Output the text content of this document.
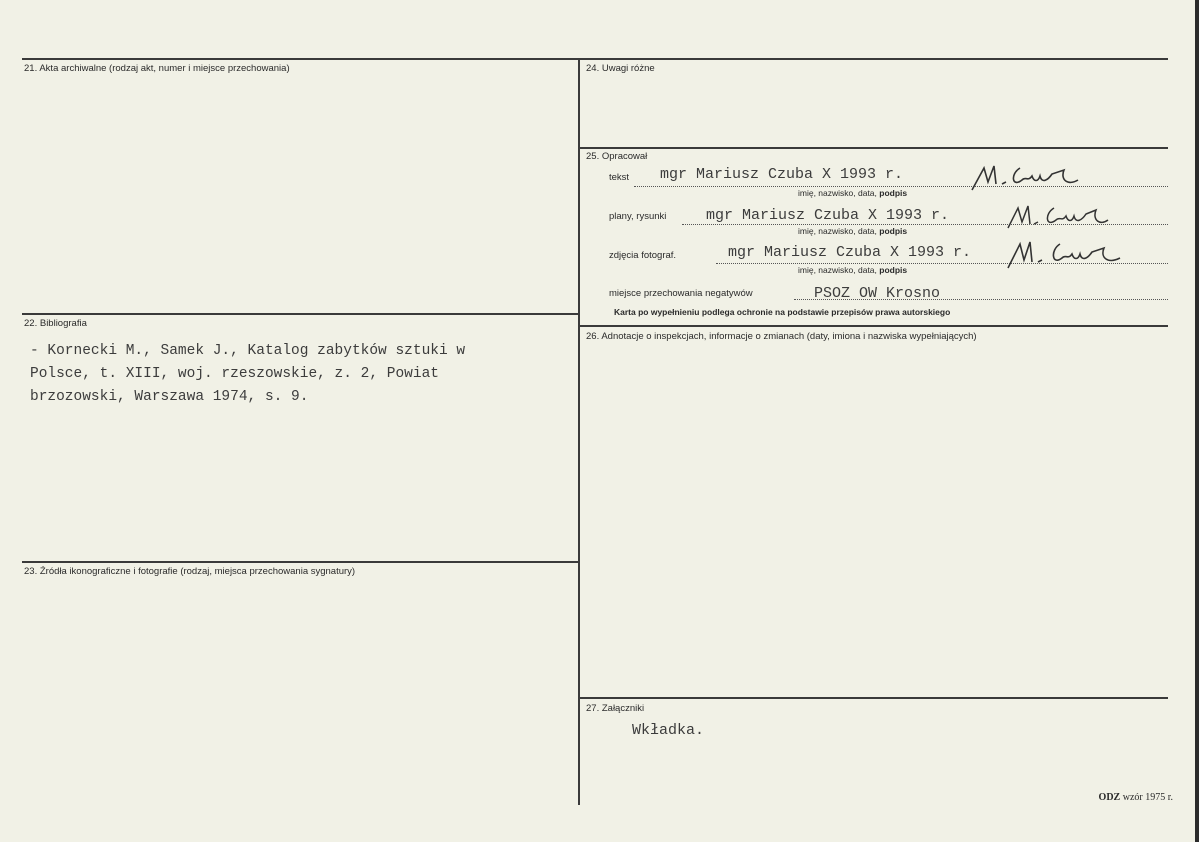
21. Akta archiwalne (rodzaj akt, numer i miejsce przechowania)
22. Bibliografia
- Kornecki M., Samek J., Katalog zabytków sztuki w
Polsce, t. XIII, woj. rzeszowskie, z. 2, Powiat
brzozowski, Warszawa 1974, s. 9.
23. Źródła ikonograficzne i fotografie (rodzaj, miejsca przechowania sygnatury)
24. Uwagi różne
25. Opracował
tekst mgr Mariusz Czuba X 1993 r.
imię, nazwisko, data, podpis
plany, rysunki	mgr Mariusz Czuba X 1993 r.
imię, nazwisko, data, podpis
zdjęcia fotograf.	mgr Mariusz Czuba X 1993 r.
imię, nazwisko, data, podpis
miejsce przechowania negatywów	PSOZ OW Krosno
Karta po wypełnieniu podlega ochronie na podstawie przepisów prawa autorskiego
26. Adnotacje o inspekcjach, informacje o zmianach (daty, imiona i nazwiska wypełniających)
27. Załączniki
Wkładka.
ODZ wzór 1975 r.
